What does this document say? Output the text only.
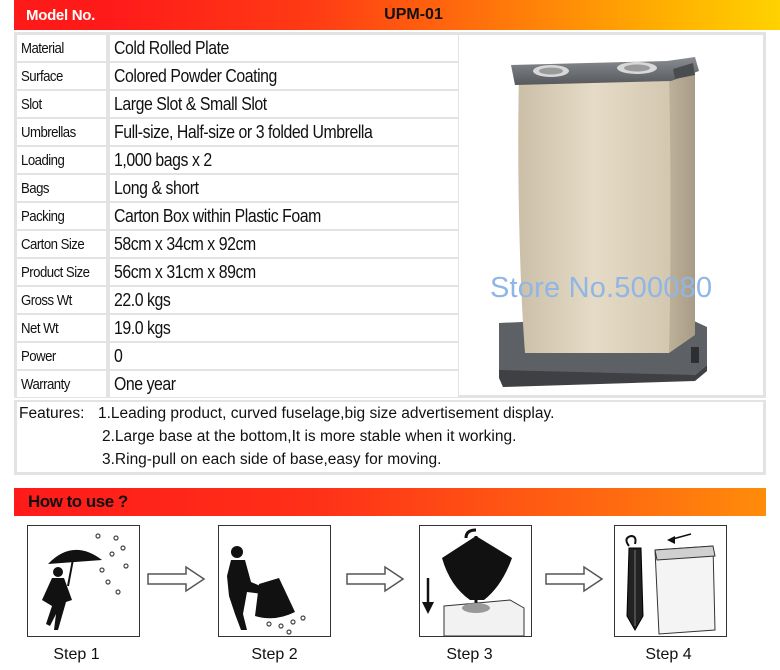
Model No.	UPM-01
Material	Cold Rolled Plate
Surface	Colored Powder Coating
Slot	Large Slot & Small Slot
Umbrellas Full-size, Half-size or 3 folded Umbrella
Loading	1,000 bags x 2
Bags	Long & short
Packing	Carton Box within Plastic Foam
Carton Size 58cm x 34cm x 92cm
Product Size 56cm x 31cm x 89cm
Gross Wt 22.0 kgs
Net Wt	19.0 kgs
Power	0
Warranty One year
Store No.500080
Features: 1.Leading product, curved fuselage,big size advertisement display.
2.Large base at the bottom,It is more stable when it working.
3.Ring-pull on each side of base,easy for moving.
How to use ?
Step 1	Step 2	Step 3	Step 4
